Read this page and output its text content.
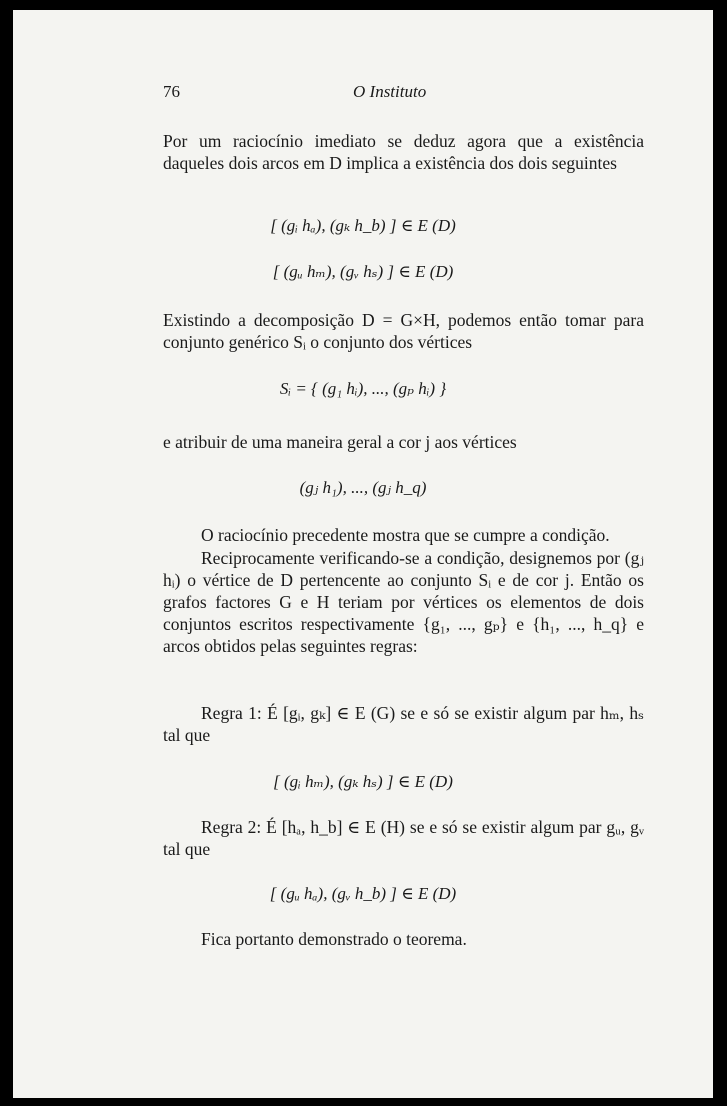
76	O Instituto
Por um raciocínio imediato se deduz agora que a existência daqueles dois arcos em D implica a existência dos dois seguintes
[ (gᵢ hₐ), (gₖ h_b) ] ∈ E (D)
[ (gᵤ hₘ), (gᵥ hₛ) ] ∈ E (D)
Existindo a decomposição D = G×H, podemos então tomar para conjunto genérico Sᵢ o conjunto dos vértices
Sᵢ = { (g₁ hᵢ), ..., (gₚ hᵢ) }
e atribuir de uma maneira geral a cor j aos vértices
(gⱼ h₁), ..., (gⱼ h_q)
O raciocínio precedente mostra que se cumpre a condição.
Reciprocamente verificando-se a condição, designemos por (gⱼ hᵢ) o vértice de D pertencente ao conjunto Sᵢ e de cor j. Então os grafos factores G e H teriam por vértices os elementos de dois conjuntos escritos respectivamente {g₁, ..., gₚ} e {h₁, ..., h_q} e arcos obtidos pelas seguintes regras:
Regra 1: É [gᵢ, gₖ] ∈ E (G) se e só se existir algum par hₘ, hₛ tal que
[ (gᵢ hₘ), (gₖ hₛ) ] ∈ E (D)
Regra 2: É [hₐ, h_b] ∈ E (H) se e só se existir algum par gᵤ, gᵥ tal que
[ (gᵤ hₐ), (gᵥ h_b) ] ∈ E (D)
Fica portanto demonstrado o teorema.
